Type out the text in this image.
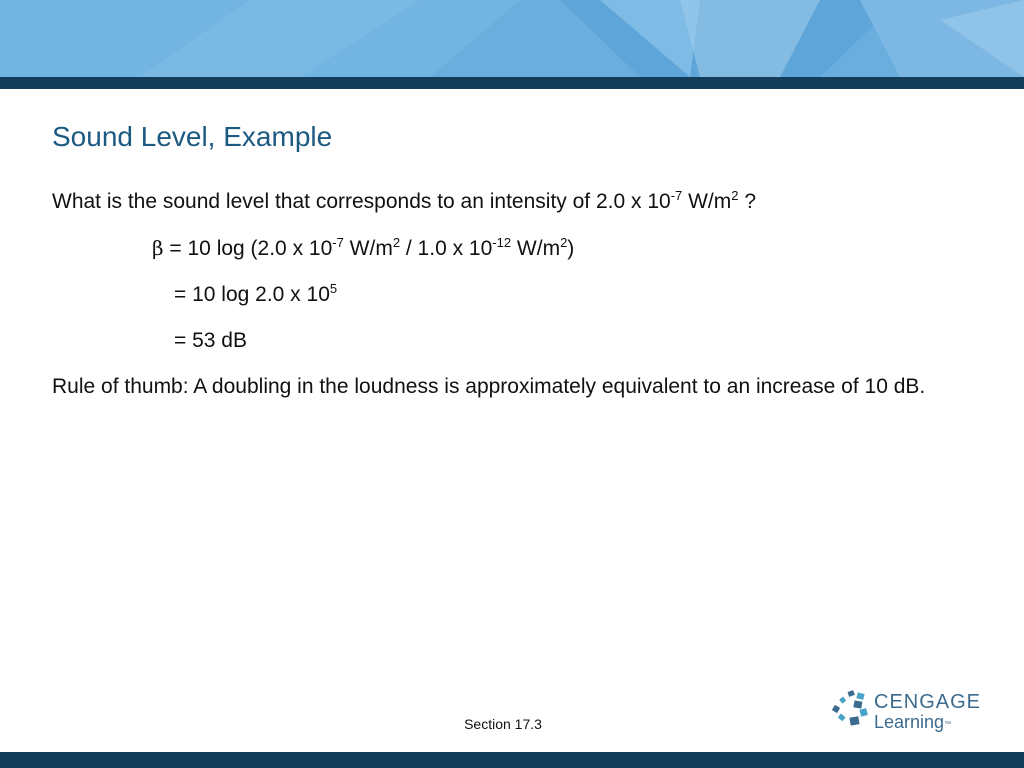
Sound Level, Example

What is the sound level that corresponds to an intensity of 2.0 x $10^{-7}$ $W/m^2$ ?

β = 10 log (2.0 x $10^{-7}$ $W/m^2 / 1.0$ x $10^{-12}$ $W/m^2$)

= 10 log 2.0 x $10^5$

= 53 dB

Rule of thumb: A doubling in the loudness is approximately equivalent to an increase of 10 dB.

Section 17.3
CENGAGE
Learning™
